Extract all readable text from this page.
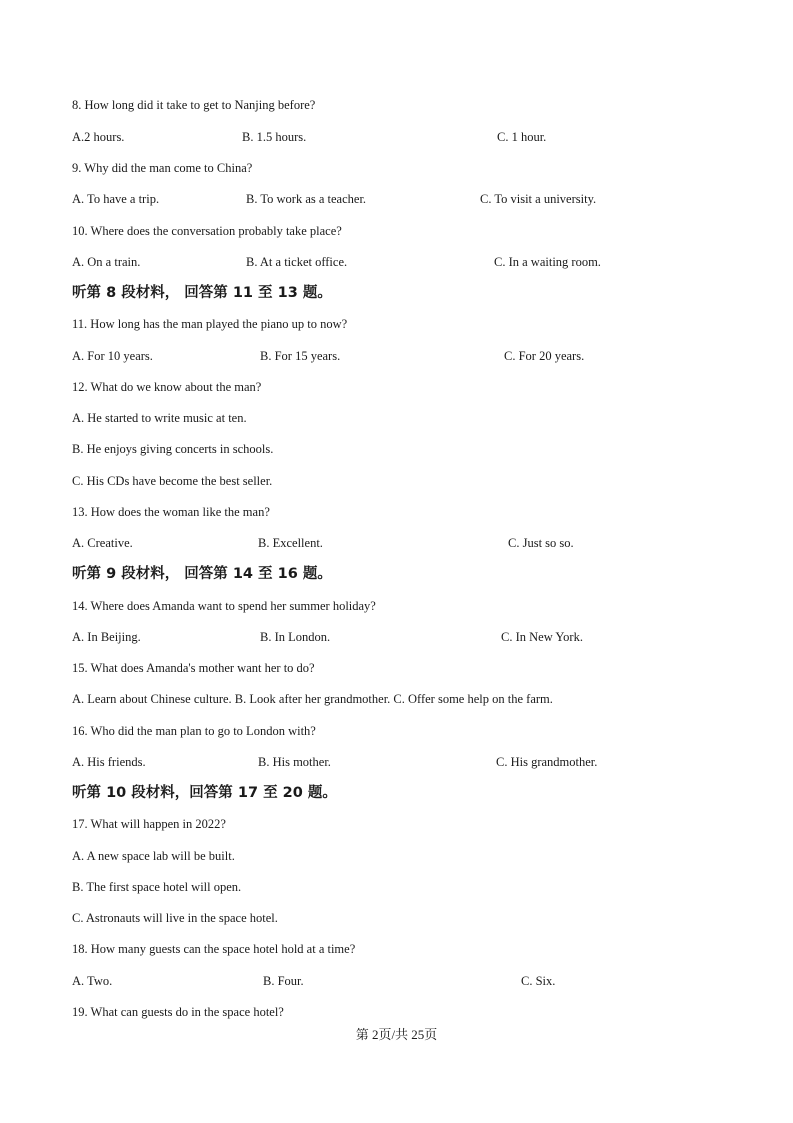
8. How long did it take to get to Nanjing before?
A.2 hours.	B. 1.5 hours.	C. 1 hour.
9. Why did the man come to China?
A. To have a trip.	B. To work as a teacher.	C. To visit a university.
10. Where does the conversation probably take place?
A. On a train.	B. At a ticket office.	C. In a waiting room.
听第 8 段材料， 回答第 11 至 13 题。
11. How long has the man played the piano up to now?
A. For 10 years.	B. For 15 years.	C. For 20 years.
12. What do we know about the man?
A. He started to write music at ten.
B. He enjoys giving concerts in schools.
C. His CDs have become the best seller.
13. How does the woman like the man?
A. Creative.	B. Excellent.	C. Just so so.
听第 9 段材料， 回答第 14 至 16 题。
14. Where does Amanda want to spend her summer holiday?
A. In Beijing.	B. In London.	C. In New York.
15. What does Amanda's mother want her to do?
A. Learn about Chinese culture. B. Look after her grandmother. C. Offer some help on the farm.
16. Who did the man plan to go to London with?
A. His friends.	B. His mother.	C. His grandmother.
听第 10 段材料，回答第 17 至 20 题。
17. What will happen in 2022?
A. A new space lab will be built.
B. The first space hotel will open.
C. Astronauts will live in the space hotel.
18. How many guests can the space hotel hold at a time?
A. Two.	B. Four.	C. Six.
19. What can guests do in the space hotel?
第 2页/共 25页
